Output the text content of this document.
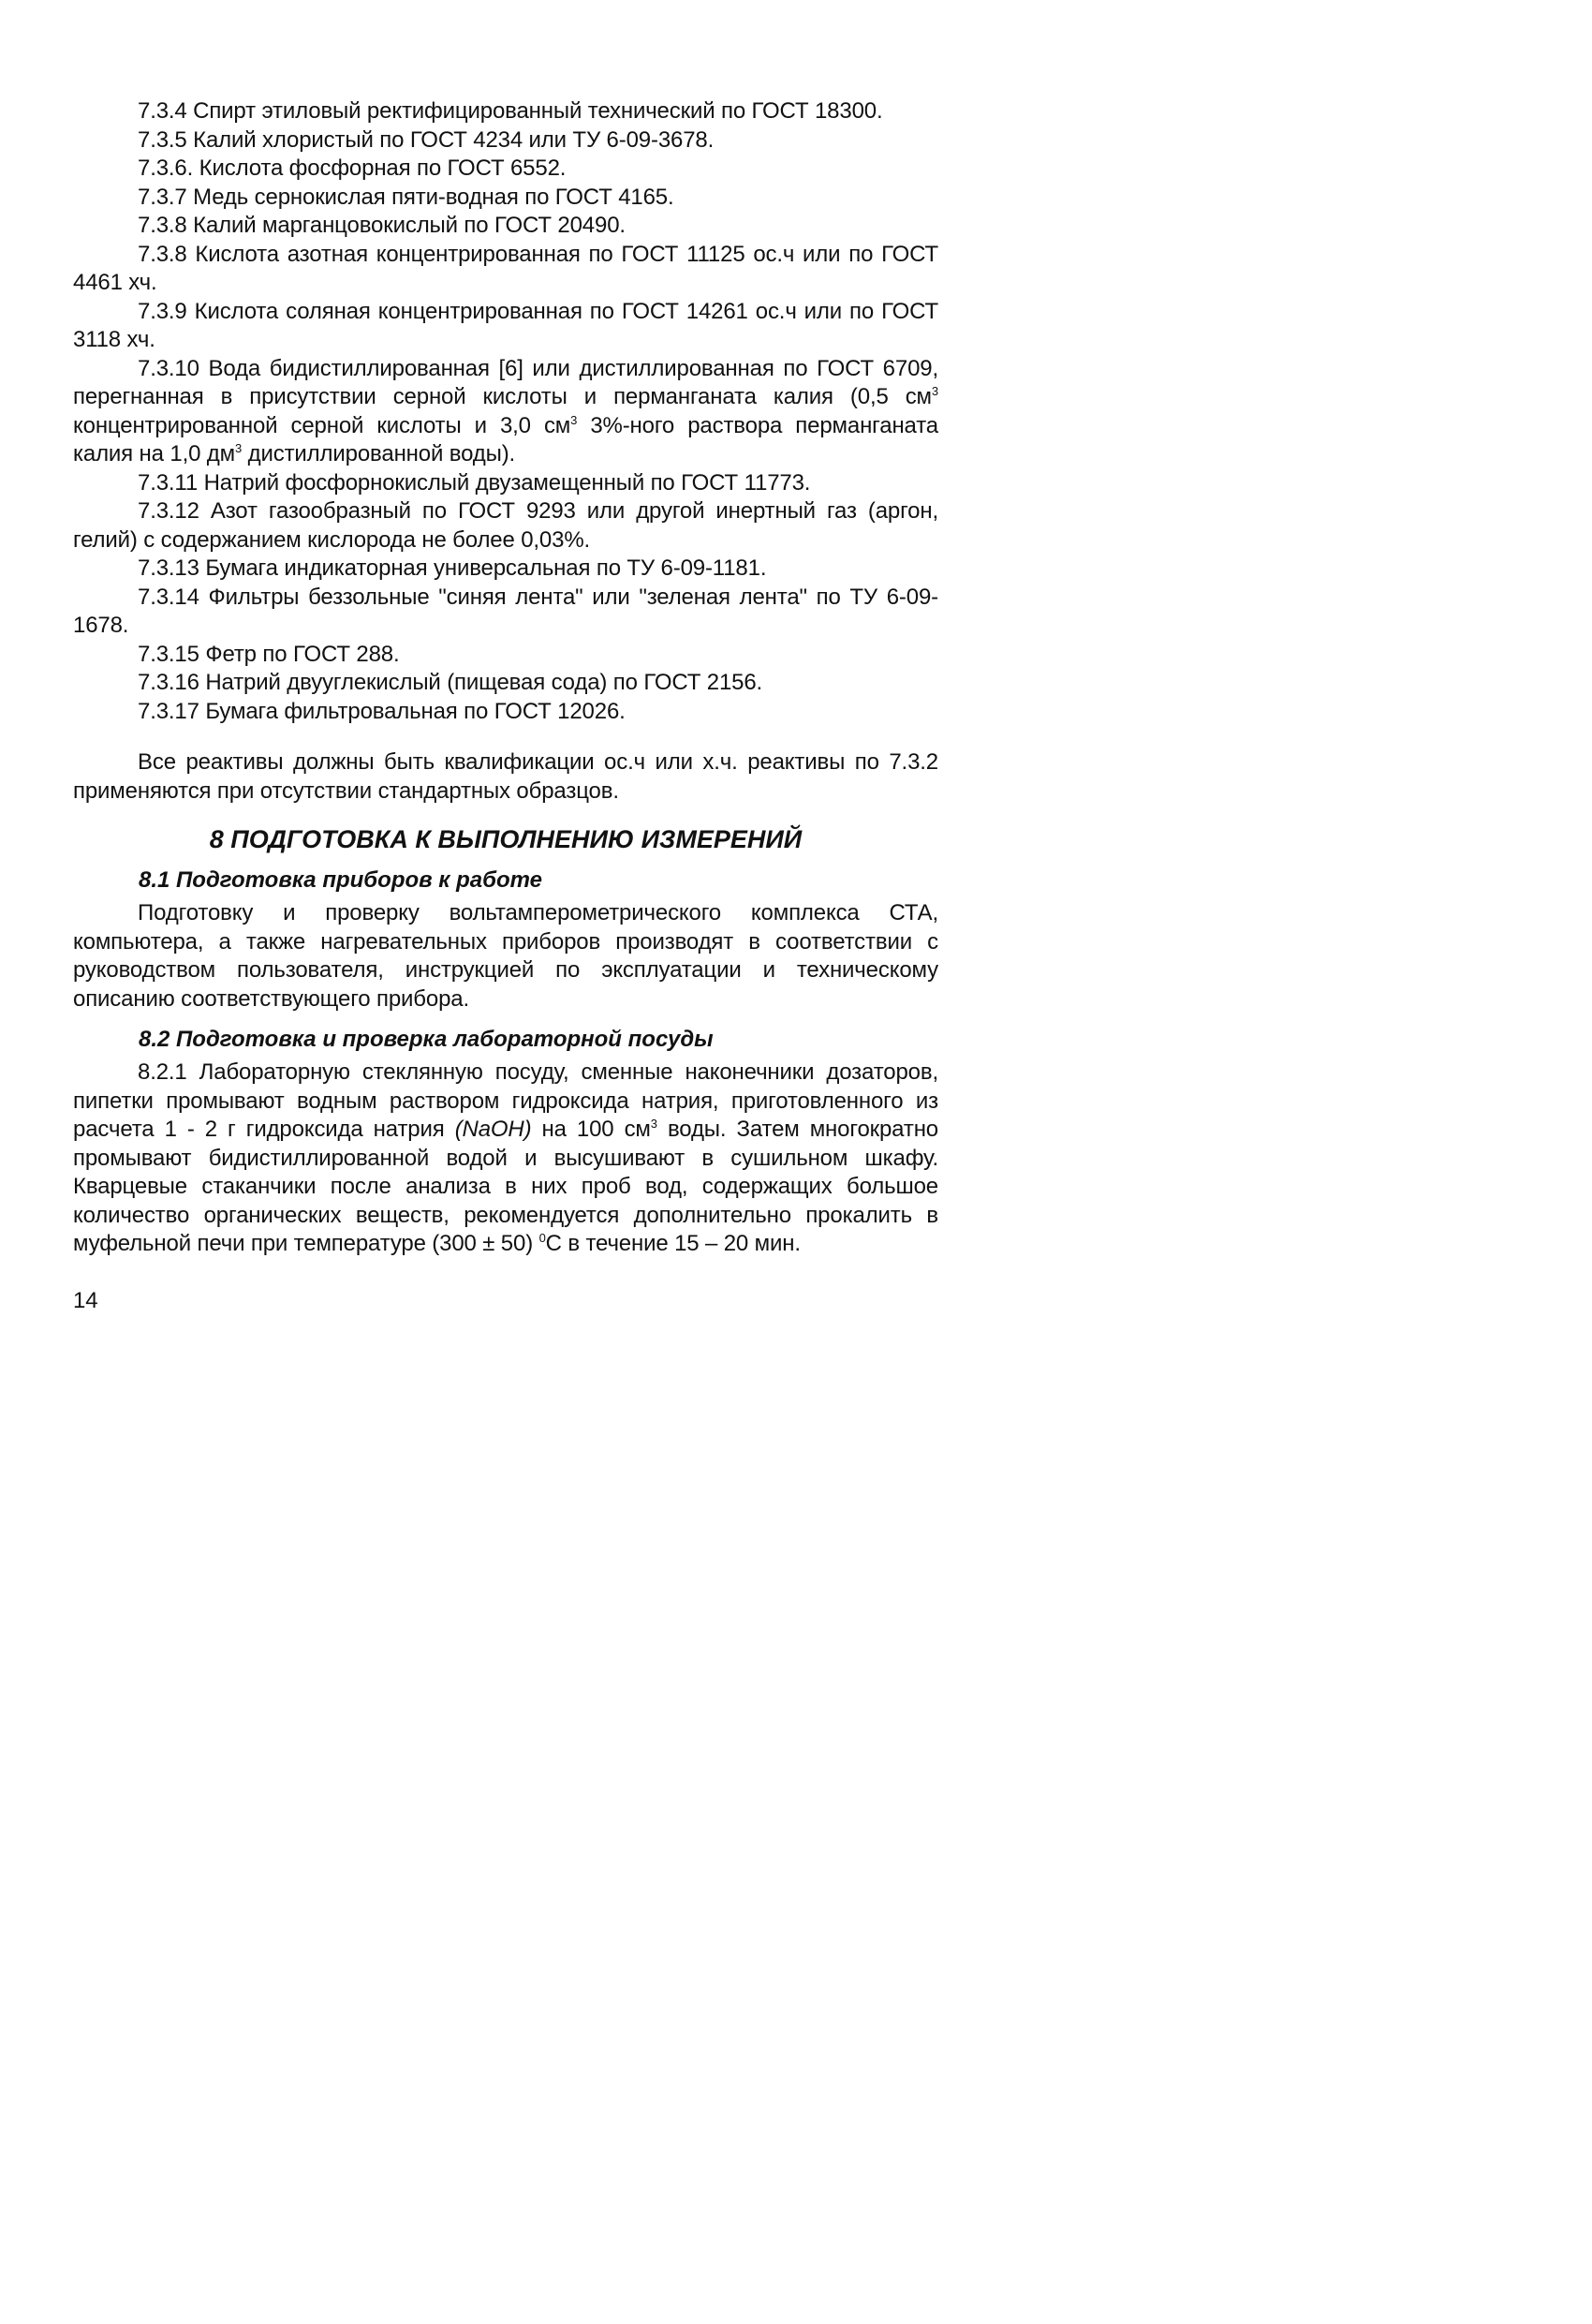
7.3.4 Спирт этиловый ректифицированный технический по ГОСТ 18300.

7.3.5 Калий хлористый по ГОСТ 4234 или ТУ 6-09-3678.

7.3.6. Кислота фосфорная по ГОСТ 6552.

7.3.7 Медь сернокислая пяти-водная по ГОСТ 4165.

7.3.8 Калий марганцовокислый по ГОСТ 20490.

7.3.8 Кислота азотная концентрированная по ГОСТ 11125 ос.ч или по ГОСТ 4461 хч.

7.3.9 Кислота соляная концентрированная по ГОСТ 14261 ос.ч или по ГОСТ 3118 хч.

7.3.10 Вода бидистиллированная [6] или дистиллированная по ГОСТ 6709, перегнанная в присутствии серной кислоты и перманганата калия (0,5 $см^3$ концентрированной серной кислоты и 3,0 $см^3$ 3%-ного раствора перманганата калия на 1,0 $дм^3$ дистиллированной воды).

7.3.11 Натрий фосфорнокислый двузамещенный по ГОСТ 11773.

7.3.12 Азот газообразный по ГОСТ 9293 или другой инертный газ (аргон, гелий) с содержанием кислорода не более 0,03%.

7.3.13 Бумага индикаторная универсальная по ТУ 6-09-1181.

7.3.14 Фильтры беззольные "синяя лента" или "зеленая лента" по ТУ 6-09-1678.

7.3.15 Фетр по ГОСТ 288.

7.3.16 Натрий двууглекислый (пищевая сода) по ГОСТ 2156.

7.3.17 Бумага фильтровальная по ГОСТ 12026.

Все реактивы должны быть квалификации ос.ч или х.ч. реактивы по 7.3.2 применяются при отсутствии стандартных образцов.

8 ПОДГОТОВКА К ВЫПОЛНЕНИЮ ИЗМЕРЕНИЙ
8.1 Подготовка приборов к работе

Подготовку и проверку вольтамперометрического комплекса СТА, компьютера, а также нагревательных приборов производят в соответствии с руководством пользователя, инструкцией по эксплуатации и техническому описанию соответствующего прибора.

8.2 Подготовка и проверка лабораторной посуды

8.2.1 Лабораторную стеклянную посуду, сменные наконечники дозаторов, пипетки промывают водным раствором гидроксида натрия, приготовленного из расчета 1 - 2 г гидроксида натрия (NaOH) на 100 $см^3$ воды. Затем многократно промывают бидистиллированной водой и высушивают в сушильном шкафу. Кварцевые стаканчики после анализа в них проб вод, содержащих большое количество органических веществ, рекомендуется дополнительно прокалить в муфельной печи при температуре (300 ± 50) $^0$С в течение 15 – 20 мин.

14
